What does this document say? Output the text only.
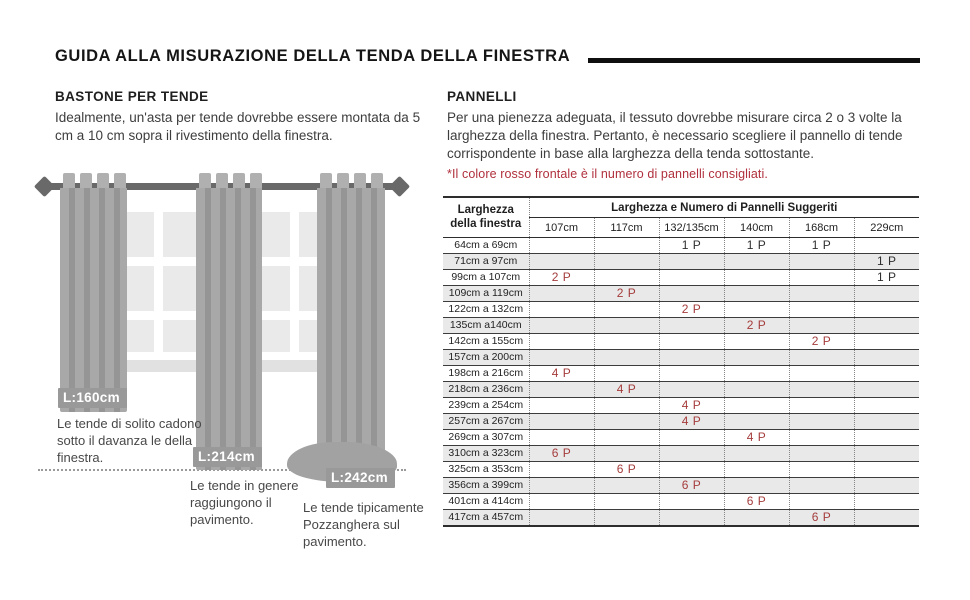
GUIDA ALLA MISURAZIONE DELLA TENDA DELLA FINESTRA
BASTONE PER TENDE
Idealmente, un'asta per tende dovrebbe essere montata da 5 cm a 10 cm sopra il rivestimento della finestra.
L:160cm
L:214cm
L:242cm
Le tende di solito cadono sotto il davanza le della finestra.
Le tende in genere raggiungono il pavimento.
Le tende tipicamente Pozzanghera sul pavimento.
PANNELLI
Per una pienezza adeguata, il tessuto dovrebbe misurare circa 2 o 3 volte la larghezza della finestra. Pertanto, è necessario scegliere il pannello di tende corrispondente in base alla larghezza della tenda sottostante.
*Il colore rosso frontale è il numero di pannelli consigliati.
Larghezza della finestra	Larghezza e Numero di Pannelli Suggeriti					
	107cm	117cm	132/135cm	140cm	168cm	229cm
64cm a 69cm			1 P	1 P	1 P	
71cm a 97cm						1 P
99cm a 107cm	2 P					1 P
109cm a 119cm		2 P				
122cm a 132cm			2 P			
135cm a140cm				2 P		
142cm a 155cm					2 P	
157cm a 200cm						
198cm a 216cm	4 P					
218cm a 236cm		4 P				
239cm a 254cm			4 P			
257cm a 267cm			4 P			
269cm a 307cm				4 P		
310cm a 323cm	6 P					
325cm a 353cm		6 P				
356cm a 399cm			6 P			
401cm a 414cm				6 P		
417cm a 457cm					6 P	
